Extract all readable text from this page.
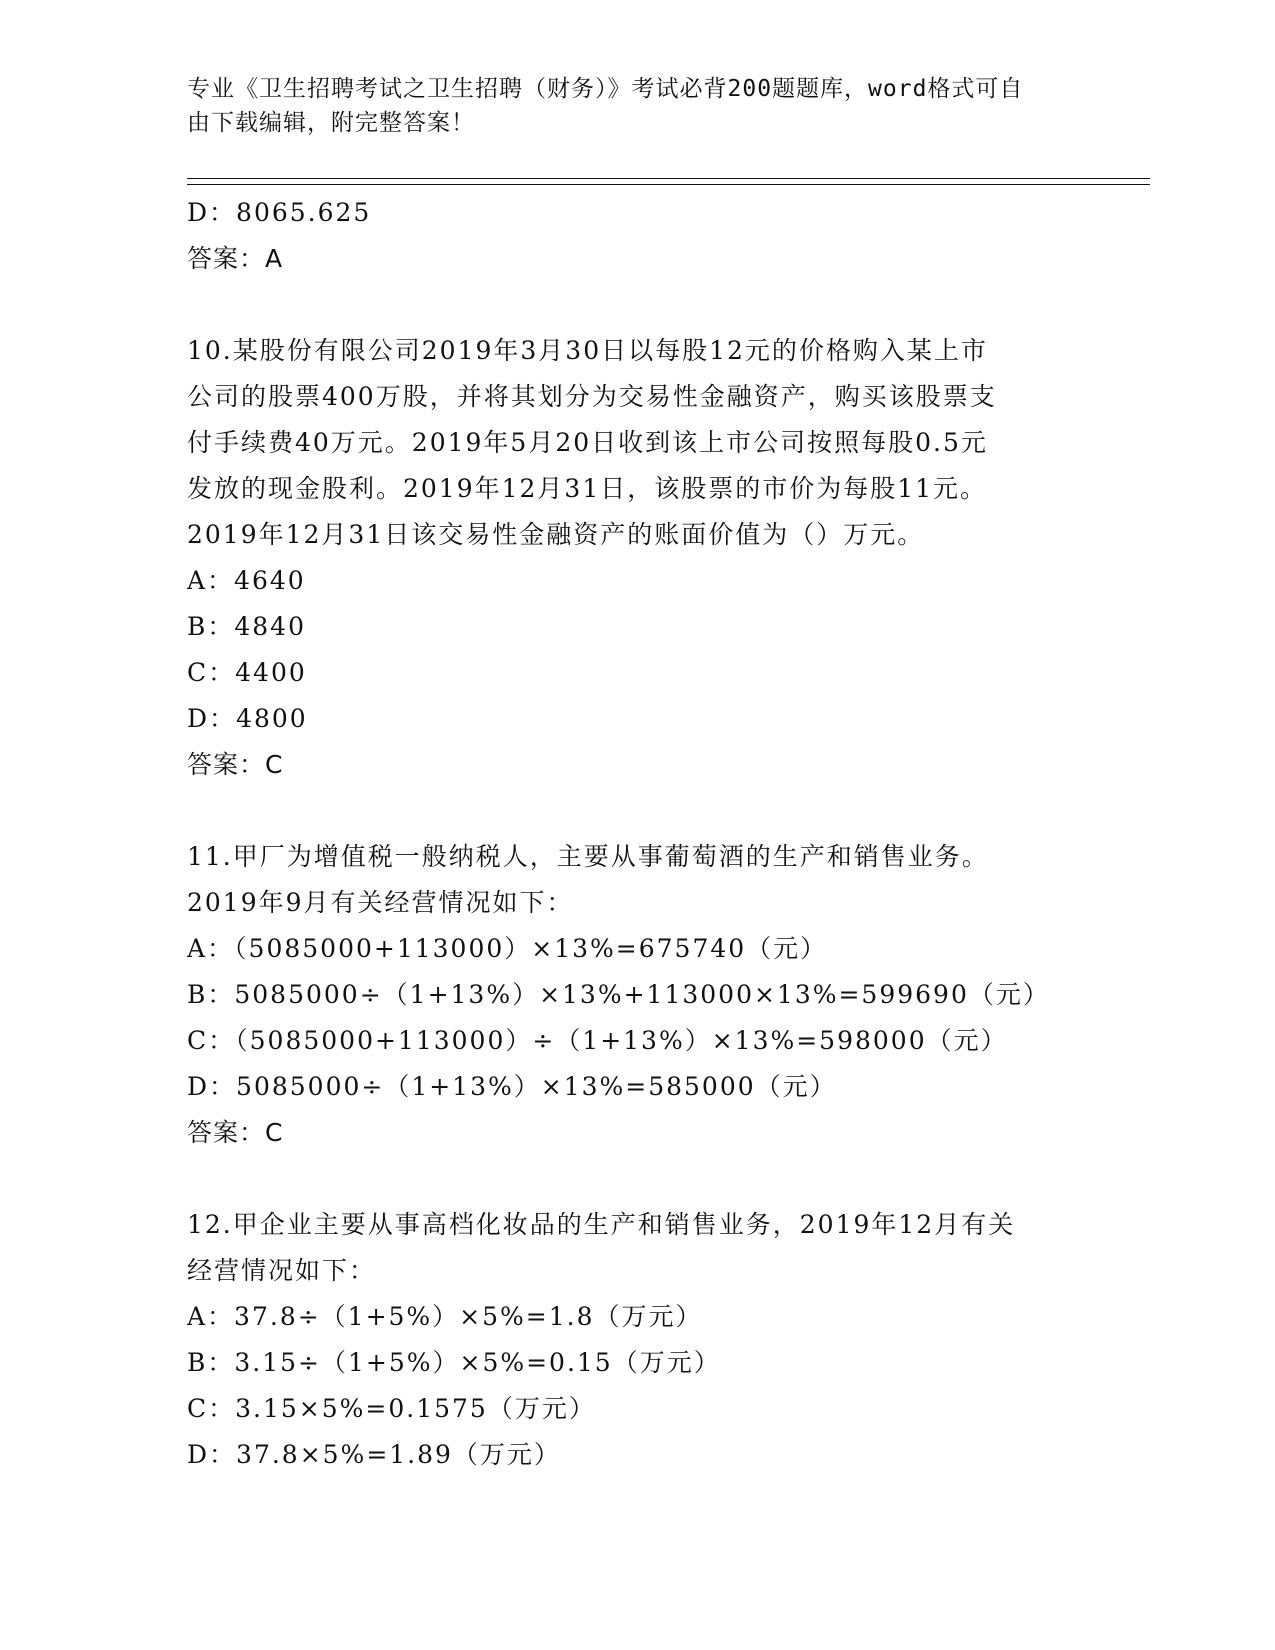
专业《卫生招聘考试之卫生招聘（财务）》考试必背200题题库，word格式可自
由下载编辑，附完整答案！
D：8065.625
答案：A
10.某股份有限公司2019年3月30日以每股12元的价格购入某上市
公司的股票400万股，并将其划分为交易性金融资产，购买该股票支
付手续费40万元。2019年5月20日收到该上市公司按照每股0.5元
发放的现金股利。2019年12月31日，该股票的市价为每股11元。
2019年12月31日该交易性金融资产的账面价值为（）万元。
A：4640
B：4840
C：4400
D：4800
答案：C
11.甲厂为增值税一般纳税人，主要从事葡萄酒的生产和销售业务。
2019年9月有关经营情况如下：
A：（5085000+113000）×13%=675740（元）
B：5085000÷（1+13%）×13%+113000×13%=599690（元）
C：（5085000+113000）÷（1+13%）×13%=598000（元）
D：5085000÷（1+13%）×13%=585000（元）
答案：C
12.甲企业主要从事高档化妆品的生产和销售业务，2019年12月有关
经营情况如下：
A：37.8÷（1+5%）×5%=1.8（万元）
B：3.15÷（1+5%）×5%=0.15（万元）
C：3.15×5%=0.1575（万元）
D：37.8×5%=1.89（万元）
